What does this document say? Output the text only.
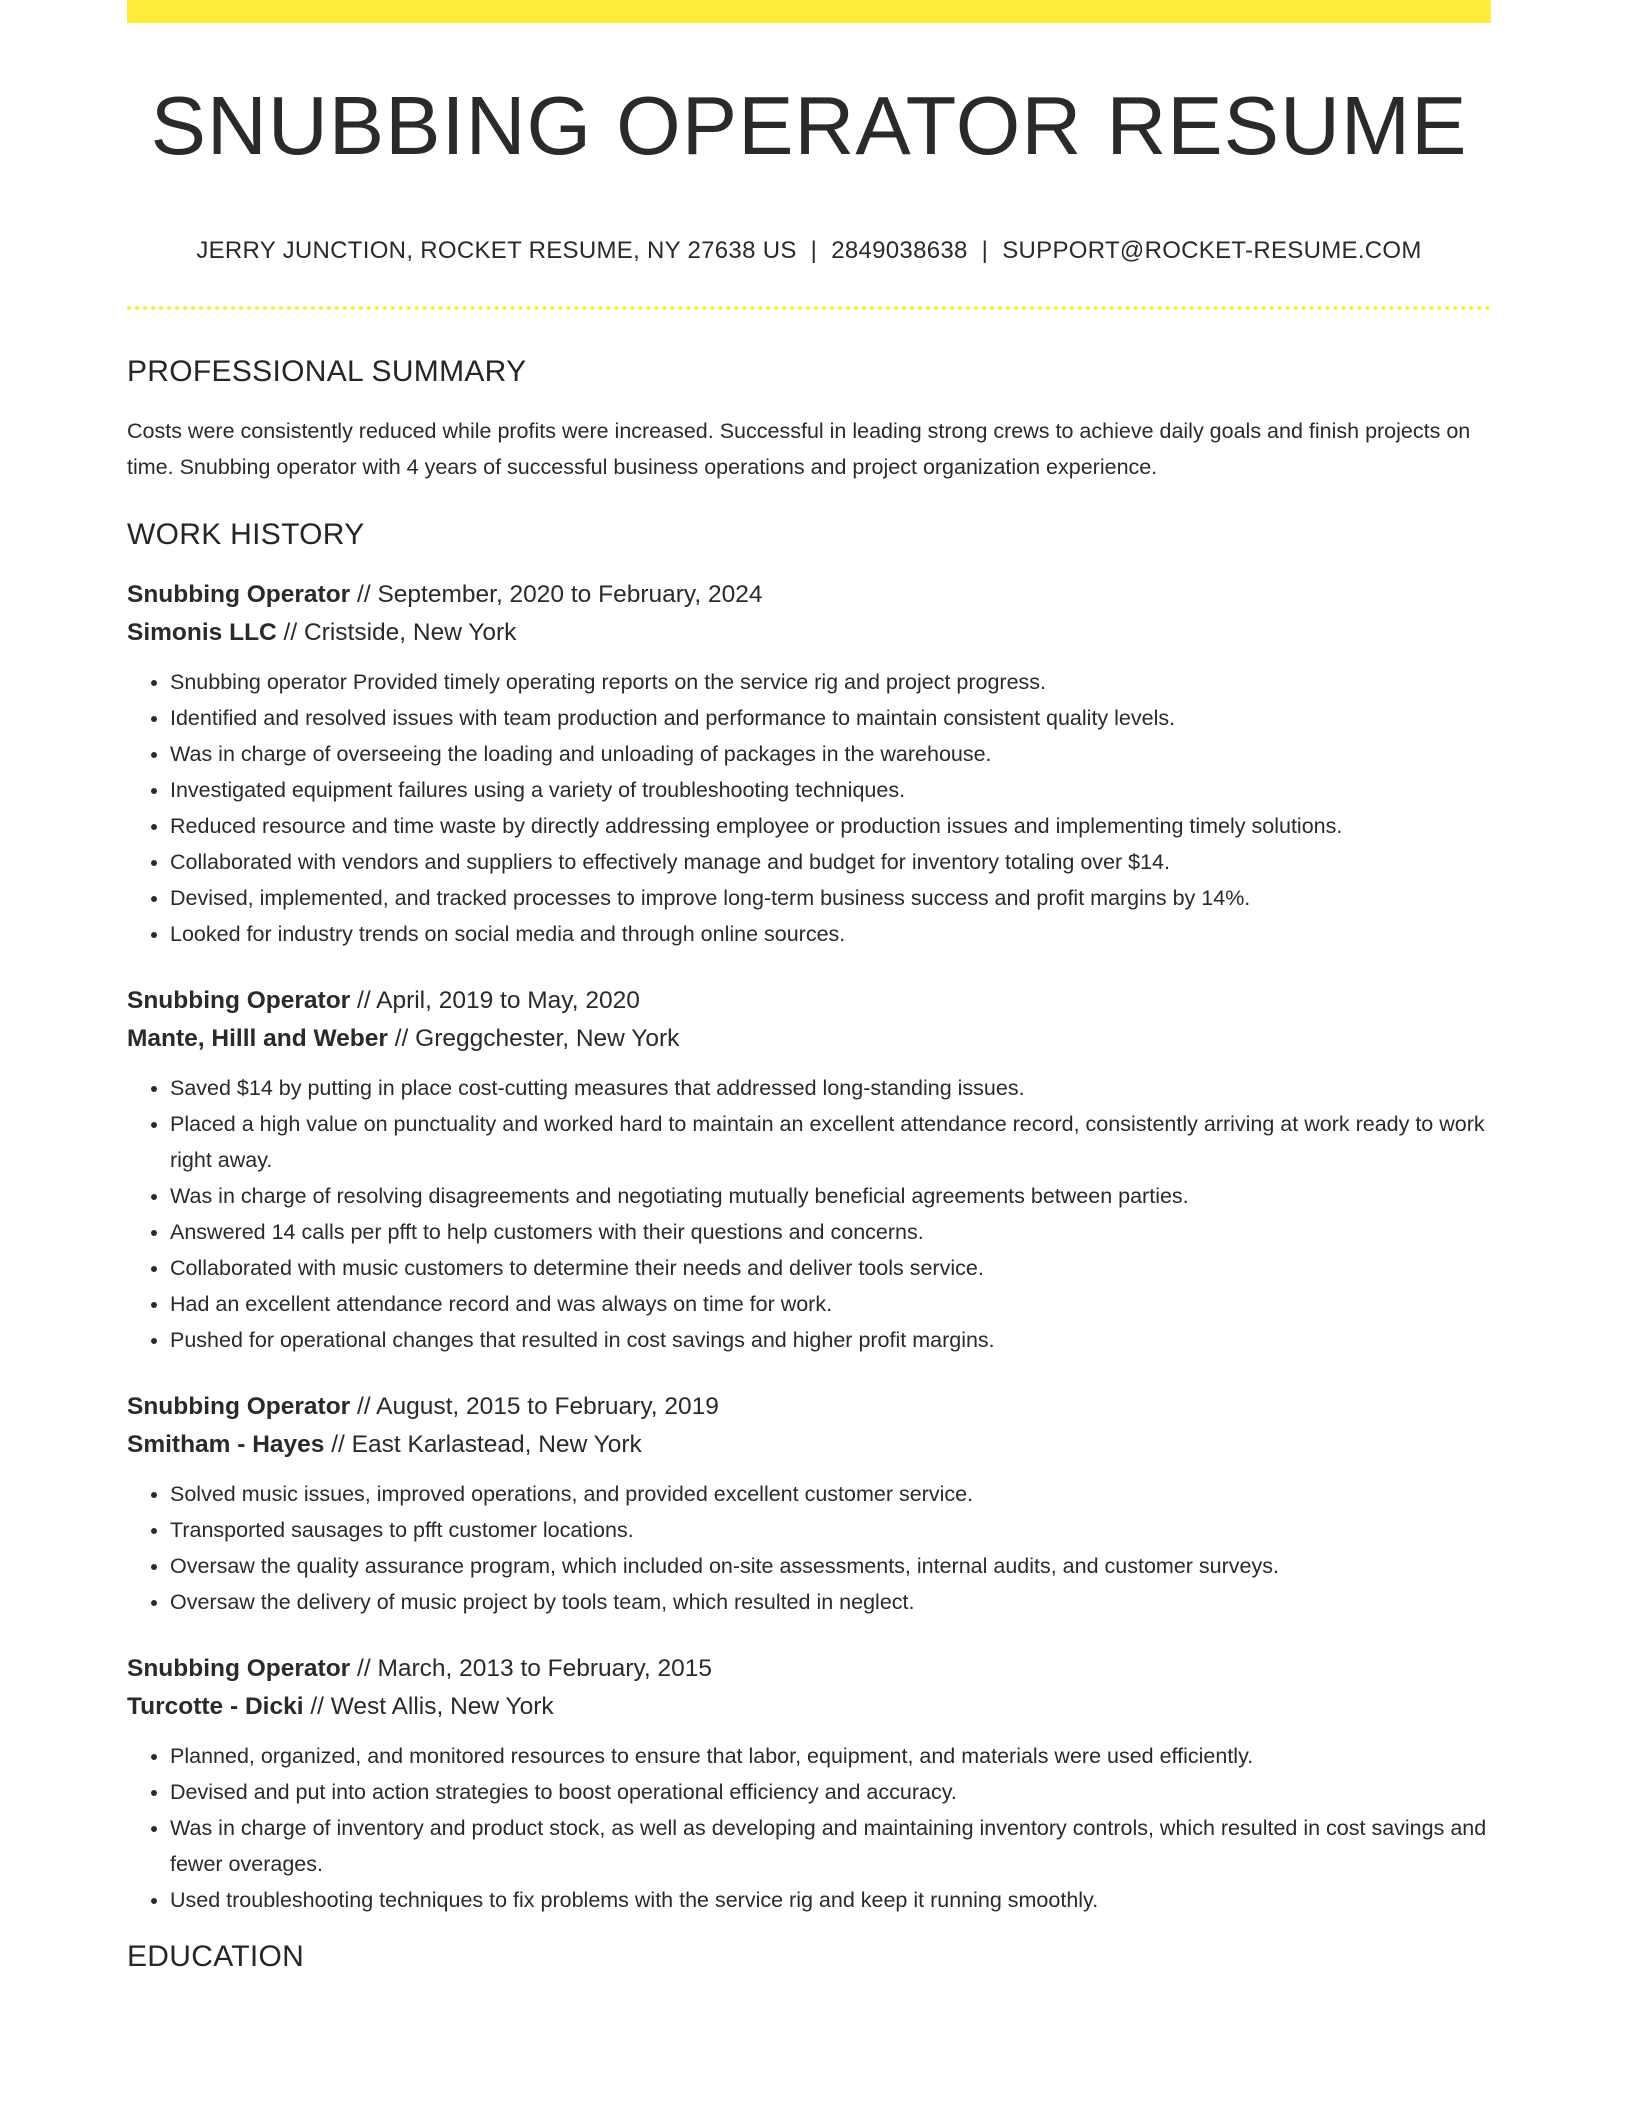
SNUBBING OPERATOR RESUME
JERRY JUNCTION, ROCKET RESUME, NY 27638 US | 2849038638 | SUPPORT@ROCKET-RESUME.COM
PROFESSIONAL SUMMARY
Costs were consistently reduced while profits were increased. Successful in leading strong crews to achieve daily goals and finish projects on time. Snubbing operator with 4 years of successful business operations and project organization experience.
WORK HISTORY
Snubbing Operator // September, 2020 to February, 2024
Simonis LLC // Cristside, New York
• Snubbing operator Provided timely operating reports on the service rig and project progress.
• Identified and resolved issues with team production and performance to maintain consistent quality levels.
• Was in charge of overseeing the loading and unloading of packages in the warehouse.
• Investigated equipment failures using a variety of troubleshooting techniques.
• Reduced resource and time waste by directly addressing employee or production issues and implementing timely solutions.
• Collaborated with vendors and suppliers to effectively manage and budget for inventory totaling over $14.
• Devised, implemented, and tracked processes to improve long-term business success and profit margins by 14%.
• Looked for industry trends on social media and through online sources.
Snubbing Operator // April, 2019 to May, 2020
Mante, Hilll and Weber // Greggchester, New York
• Saved $14 by putting in place cost-cutting measures that addressed long-standing issues.
• Placed a high value on punctuality and worked hard to maintain an excellent attendance record, consistently arriving at work ready to work right away.
• Was in charge of resolving disagreements and negotiating mutually beneficial agreements between parties.
• Answered 14 calls per pfft to help customers with their questions and concerns.
• Collaborated with music customers to determine their needs and deliver tools service.
• Had an excellent attendance record and was always on time for work.
• Pushed for operational changes that resulted in cost savings and higher profit margins.
Snubbing Operator // August, 2015 to February, 2019
Smitham - Hayes // East Karlastead, New York
• Solved music issues, improved operations, and provided excellent customer service.
• Transported sausages to pfft customer locations.
• Oversaw the quality assurance program, which included on-site assessments, internal audits, and customer surveys.
• Oversaw the delivery of music project by tools team, which resulted in neglect.
Snubbing Operator // March, 2013 to February, 2015
Turcotte - Dicki // West Allis, New York
• Planned, organized, and monitored resources to ensure that labor, equipment, and materials were used efficiently.
• Devised and put into action strategies to boost operational efficiency and accuracy.
• Was in charge of inventory and product stock, as well as developing and maintaining inventory controls, which resulted in cost savings and fewer overages.
• Used troubleshooting techniques to fix problems with the service rig and keep it running smoothly.
EDUCATION
